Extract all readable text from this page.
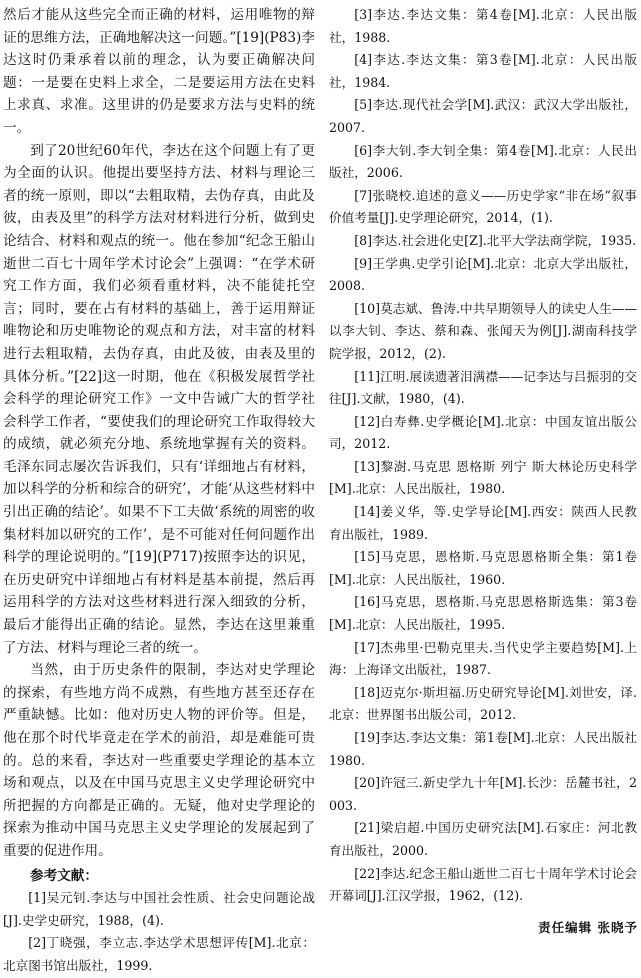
然后才能从这些完全而正确的材料，运用唯物的辩证的思维方法，正确地解决这一问题。”[19](P83)李达这时仍秉承着以前的理念，认为要正确解决问题：一是要在史料上求全，二是要运用方法在史料上求真、求准。这里讲的仍是要求方法与史料的统一。

到了20世纪60年代，李达在这个问题上有了更为全面的认识。他提出要坚持方法、材料与理论三者的统一原则，即以“去粗取精，去伪存真，由此及彼，由表及里”的科学方法对材料进行分析，做到史论结合、材料和观点的统一。他在参加“纪念王船山逝世二百七十周年学术讨论会”上强调：“在学术研究工作方面，我们必须看重材料，决不能徒托空言；同时，要在占有材料的基础上，善于运用辩证唯物论和历史唯物论的观点和方法，对丰富的材料进行去粗取精，去伪存真，由此及彼，由表及里的具体分析。”[22]这一时期，他在《积极发展哲学社会科学的理论研究工作》一文中告诫广大的哲学社会科学工作者，“要使我们的理论研究工作取得较大的成绩，就必须充分地、系统地掌握有关的资料。毛泽东同志屡次告诉我们，只有‘详细地占有材料，加以科学的分析和综合的研究’，才能‘从这些材料中引出正确的结论’。如果不下工夫做‘系统的周密的收集材料加以研究的工作’，是不可能对任何问题作出科学的理论说明的。”[19](P717)按照李达的识见，在历史研究中详细地占有材料是基本前提，然后再运用科学的方法对这些材料进行深入细致的分析，最后才能得出正确的结论。显然，李达在这里兼重了方法、材料与理论三者的统一。

当然，由于历史条件的限制，李达对史学理论的探索，有些地方尚不成熟，有些地方甚至还存在严重缺憾。比如：他对历史人物的评价等。但是，他在那个时代毕竟走在学术的前沿，却是难能可贵的。总的来看，李达对一些重要史学理论的基本立场和观点，以及在中国马克思主义史学理论研究中所把握的方向都是正确的。无疑，他对史学理论的探索为推动中国马克思主义史学理论的发展起到了重要的促进作用。

参考文献：

[1]吴元钊.李达与中国社会性质、社会史问题论战[J].史学史研究，1988，(4).

[2]丁晓强，李立志.李达学术思想评传[M].北京：北京图书馆出版社，1999.

[3]李达.李达文集：第4卷[M].北京：人民出版社，1988.

[4]李达.李达文集：第3卷[M].北京：人民出版社，1984.

[5]李达.现代社会学[M].武汉：武汉大学出版社，2007.

[6]李大钊.李大钊全集：第4卷[M].北京：人民出版社，2006.

[7]张晓校.追述的意义——历史学家“非在场”叙事价值考量[J].史学理论研究，2014，(1).

[8]李达.社会进化史[Z].北平大学法商学院，1935.

[9]王学典.史学引论[M].北京：北京大学出版社，2008.

[10]莫志斌、鲁涛.中共早期领导人的读史人生——以李大钊、李达、蔡和森、张闻天为例[J].湖南科技学院学报，2012，(2).

[11]江明.展读遗著泪满襟——记李达与吕振羽的交往[J].文献，1980，(4).

[12]白寿彝.史学概论[M].北京：中国友谊出版公司，2012.

[13]黎澍.马克思 恩格斯 列宁 斯大林论历史科学[M].北京：人民出版社，1980.

[14]姜义华，等.史学导论[M].西安：陕西人民教育出版社，1989.

[15]马克思，恩格斯.马克思恩格斯全集：第1卷[M].北京：人民出版社，1960.

[16]马克思，恩格斯.马克思恩格斯选集：第3卷[M].北京：人民出版社，1995.

[17]杰弗里·巴勒克里夫.当代史学主要趋势[M].上海：上海译文出版社，1987.

[18]迈克尔·斯坦福.历史研究导论[M].刘世安，译.北京：世界图书出版公司，2012.

[19]李达.李达文集：第1卷[M].北京：人民出版社1980.

[20]许冠三.新史学九十年[M].长沙：岳麓书社，2003.

[21]梁启超.中国历史研究法[M].石家庄：河北教育出版社，2000.

[22]李达.纪念王船山逝世二百七十周年学术讨论会开幕词[J].江汉学报，1962，(12).

责任编辑 张晓予
